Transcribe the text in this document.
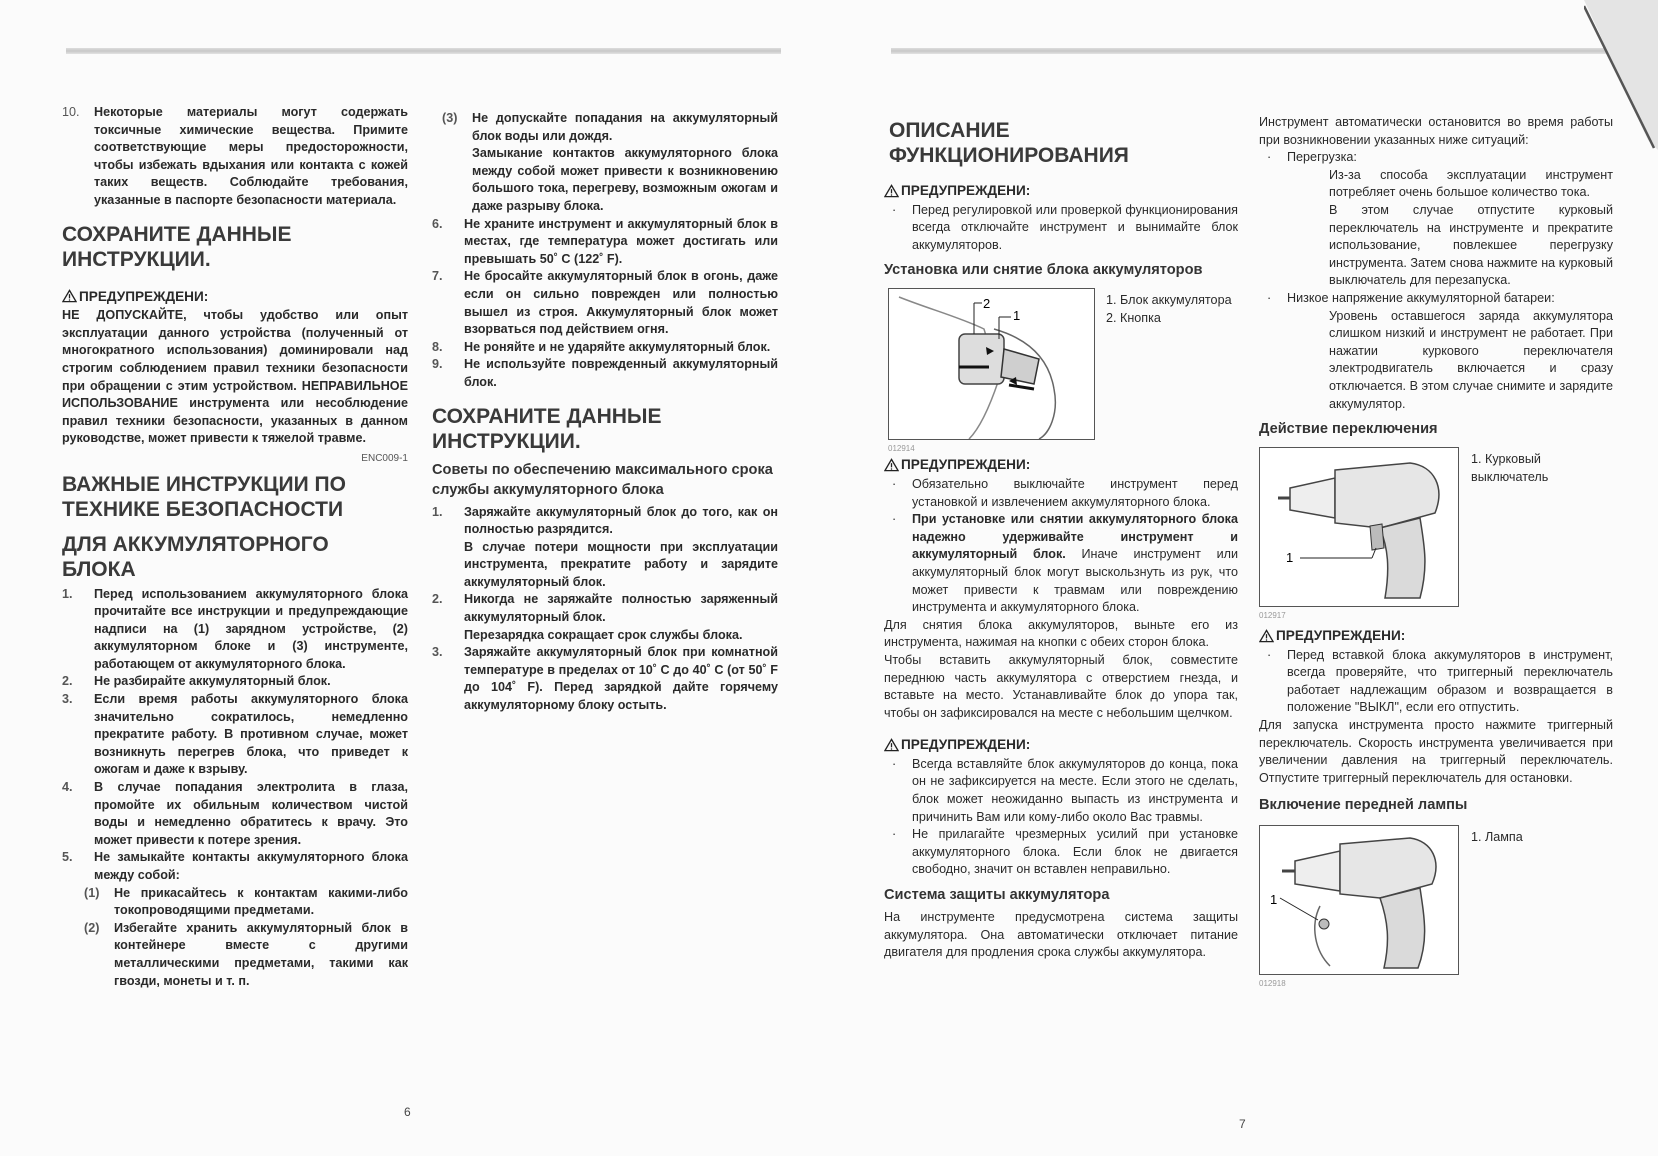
10.	Некоторые материалы могут содержать токсичные химические вещества. Примите соответствующие меры предосторожности, чтобы избежать вдыхания или контакта с кожей таких веществ. Соблюдайте требования, указанные в паспорте безопасности материала.
СОХРАНИТЕ ДАННЫЕ ИНСТРУКЦИИ.
ПРЕДУПРЕЖДЕНИ:

НЕ ДОПУСКАЙТЕ, чтобы удобство или опыт эксплуатации данного устройства (полученный от многократного использования) доминировали над строгим соблюдением правил техники безопасности при обращении с этим устройством. НЕПРАВИЛЬНОЕ ИСПОЛЬЗОВАНИЕ инструмента или несоблюдение правил техники безопасности, указанных в данном руководстве, может привести к тяжелой травме.

ENC009-1
ВАЖНЫЕ ИНСТРУКЦИИ ПО ТЕХНИКЕ БЕЗОПАСНОСТИ
ДЛЯ АККУМУЛЯТОРНОГО БЛОКА
1.	Перед использованием аккумуляторного блока прочитайте все инструкции и предупреждающие надписи на (1) зарядном устройстве, (2) аккумуляторном блоке и (3) инструменте, работающем от аккумуляторного блока.
2.	Не разбирайте аккумуляторный блок.
3.	Если время работы аккумуляторного блока значительно сократилось, немедленно прекратите работу. В противном случае, может возникнуть перегрев блока, что приведет к ожогам и даже к взрыву.
4.	В случае попадания электролита в глаза, промойте их обильным количеством чистой воды и немедленно обратитесь к врачу. Это может привести к потере зрения.
5.	Не замыкайте контакты аккумуляторного блока между собой:
(1)	Не прикасайтесь к контактам какими-либо токопроводящими предметами.
(2)	Избегайте хранить аккумуляторный блок в контейнере вместе с другими металлическими предметами, такими как гвозди, монеты и т. п.
(3)	Не допускайте попадания на аккумуляторный блок воды или дождя.

Замыкание контактов аккумуляторного блока между собой может привести к возникновению большого тока, перегреву, возможным ожогам и даже разрыву блока.

6.	Не храните инструмент и аккумуляторный блок в местах, где температура может достигать или превышать 50˚ C (122˚ F).
7.	Не бросайте аккумуляторный блок в огонь, даже если он сильно поврежден или полностью вышел из строя. Аккумуляторный блок может взорваться под действием огня.
8.	Не роняйте и не ударяйте аккумуляторный блок.
9.	Не используйте поврежденный аккумуляторный блок.
СОХРАНИТЕ ДАННЫЕ ИНСТРУКЦИИ.
Советы по обеспечению максимального срока службы аккумуляторного блока
1.	Заряжайте аккумуляторный блок до того, как он полностью разрядится.
В случае потери мощности при эксплуатации инструмента, прекратите работу и зарядите аккумуляторный блок.
2.	Никогда не заряжайте полностью заряженный аккумуляторный блок.
Перезарядка сокращает срок службы блока.
3.	Заряжайте аккумуляторный блок при комнатной температуре в пределах от 10˚ C до 40˚ C (от 50˚ F до 104˚ F). Перед зарядкой дайте горячему аккумуляторному блоку остыть.
6
ОПИСАНИЕ ФУНКЦИОНИРОВАНИЯ
ПРЕДУПРЕЖДЕНИ:
·	Перед регулировкой или проверкой функционирования всегда отключайте инструмент и вынимайте блок аккумуляторов.
Установка или снятие блока аккумуляторов
2
1
1. Блок аккумулятора
2. Кнопка
012914
ПРЕДУПРЕЖДЕНИ:
·	Обязательно выключайте инструмент перед установкой и извлечением аккумуляторного блока.
·	При установке или снятии аккумуляторного блока надежно удерживайте инструмент и аккумуляторный блок. Иначе инструмент или аккумуляторный блок могут выскользнуть из рук, что может привести к травмам или повреждению инструмента и аккумуляторного блока.

Для снятия блока аккумуляторов, выньте его из инструмента, нажимая на кнопки с обеих сторон блока.

Чтобы вставить аккумуляторный блок, совместите переднюю часть аккумулятора с отверстием гнезда, и вставьте на место. Устанавливайте блок до упора так, чтобы он зафиксировался на месте с небольшим щелчком.

ПРЕДУПРЕЖДЕНИ:
·	Всегда вставляйте блок аккумуляторов до конца, пока он не зафиксируется на месте. Если этого не сделать, блок может неожиданно выпасть из инструмента и причинить Вам или кому-либо около Вас травмы.
·	Не прилагайте чрезмерных усилий при установке аккумуляторного блока. Если блок не двигается свободно, значит он вставлен неправильно.
Система защиты аккумулятора

На инструменте предусмотрена система защиты аккумулятора. Она автоматически отключает питание двигателя для продления срока службы аккумулятора.

Инструмент автоматически остановится во время работы при возникновении указанных ниже ситуаций:

·	Перегрузка:

Из-за способа эксплуатации инструмент потребляет очень большое количество тока.

В этом случае отпустите курковый переключатель на инструменте и прекратите использование, повлекшее перегрузку инструмента. Затем снова нажмите на курковый выключатель для перезапуска.

·	Низкое напряжение аккумуляторной батареи:

Уровень оставшегося заряда аккумулятора слишком низкий и инструмент не работает. При нажатии куркового переключателя электродвигатель включается и сразу отключается. В этом случае снимите и зарядите аккумулятор.

Действие переключения
1
1. Курковый выключатель
012917
ПРЕДУПРЕЖДЕНИ:
·	Перед вставкой блока аккумуляторов в инструмент, всегда проверяйте, что триггерный переключатель работает надлежащим образом и возвращается в положение "ВЫКЛ", если его отпустить.

Для запуска инструмента просто нажмите триггерный переключатель. Скорость инструмента увеличивается при увеличении давления на триггерный переключатель. Отпустите триггерный переключатель для остановки.

Включение передней лампы
1
1. Лампа
012918
7
